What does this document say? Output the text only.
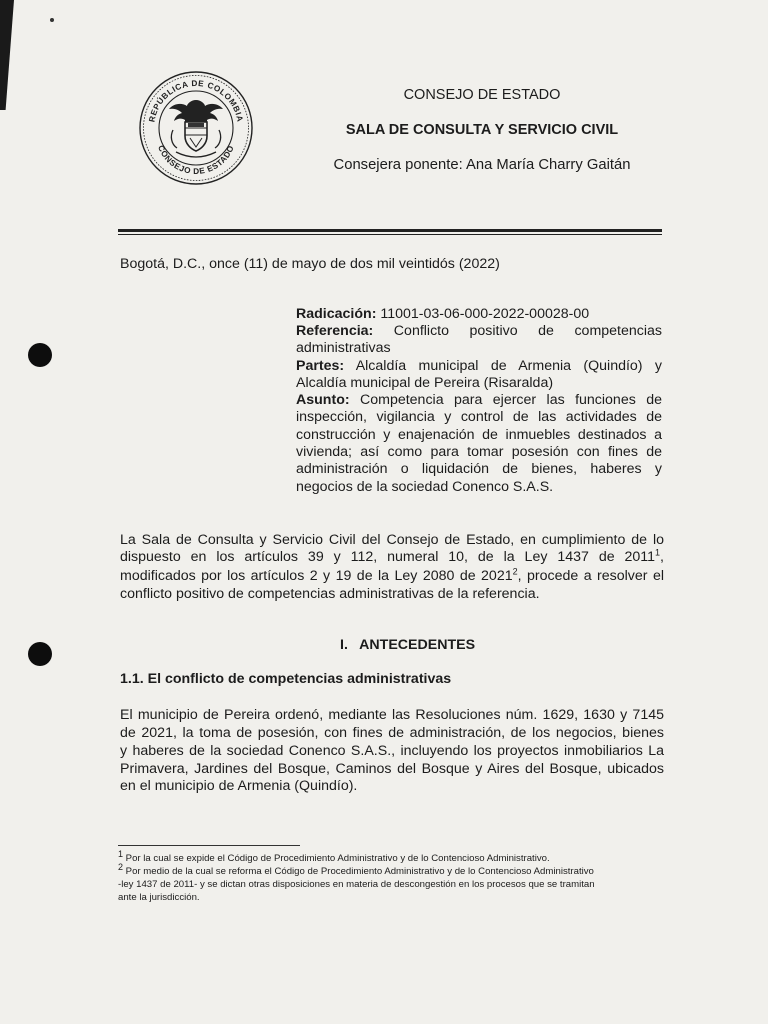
REPÚBLICA DE COLOMBIA
CONSEJO DE ESTADO
CONSEJO DE ESTADO
SALA DE CONSULTA Y SERVICIO CIVIL
Consejera ponente: Ana María Charry Gaitán
Bogotá, D.C., once (11) de mayo de dos mil veintidós (2022)
Radicación: 11001-03-06-000-2022-00028-00
Referencia: Conflicto positivo de competencias
administrativas
Partes: Alcaldía municipal de Armenia (Quindío) y
Alcaldía municipal de Pereira (Risaralda)
Asunto: Competencia para ejercer las funciones de
inspección, vigilancia y control de las actividades de
construcción y enajenación de inmuebles destinados a
vivienda; así como para tomar posesión con fines de
administración o liquidación de bienes, haberes y
negocios de la sociedad Conenco S.A.S.
La Sala de Consulta y Servicio Civil del Consejo de Estado, en cumplimiento de lo
dispuesto en los artículos 39 y 112, numeral 10, de la Ley 1437 de 2011$^1$,
modificados por los artículos 2 y 19 de la Ley 2080 de 2021$^2$, procede a resolver el
conflicto positivo de competencias administrativas de la referencia.
I.   ANTECEDENTES
1.1. El conflicto de competencias administrativas
El municipio de Pereira ordenó, mediante las Resoluciones núm. 1629, 1630 y 7145
de 2021, la toma de posesión, con fines de administración, de los negocios, bienes
y haberes de la sociedad Conenco S.A.S., incluyendo los proyectos inmobiliarios La
Primavera, Jardines del Bosque, Caminos del Bosque y Aires del Bosque, ubicados
en el municipio de Armenia (Quindío).
$^1$ Por la cual se expide el Código de Procedimiento Administrativo y de lo Contencioso Administrativo.
$^2$ Por medio de la cual se reforma el Código de Procedimiento Administrativo y de lo Contencioso Administrativo
-ley 1437 de 2011- y se dictan otras disposiciones en materia de descongestión en los procesos que se tramitan
ante la jurisdicción.
